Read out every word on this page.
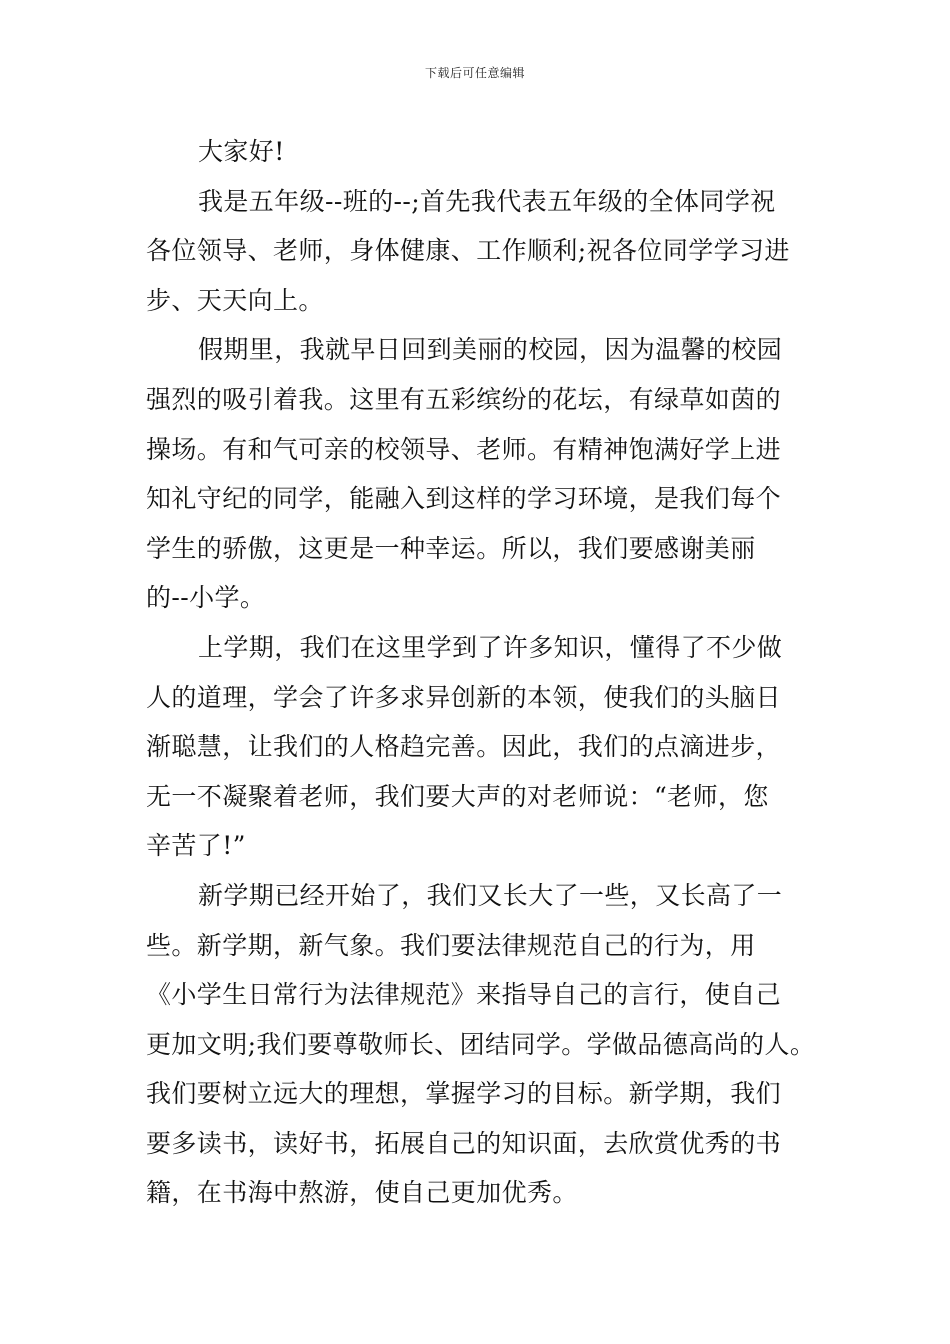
下载后可任意编辑
大家好!
我是五年级--班的--;首先我代表五年级的全体同学祝
各位领导、老师，身体健康、工作顺利;祝各位同学学习进
步、天天向上。
假期里，我就早日回到美丽的校园，因为温馨的校园
强烈的吸引着我。这里有五彩缤纷的花坛，有绿草如茵的
操场。有和气可亲的校领导、老师。有精神饱满好学上进
知礼守纪的同学，能融入到这样的学习环境，是我们每个
学生的骄傲，这更是一种幸运。所以，我们要感谢美丽
的--小学。
上学期，我们在这里学到了许多知识，懂得了不少做
人的道理，学会了许多求异创新的本领，使我们的头脑日
渐聪慧，让我们的人格趋完善。因此，我们的点滴进步，
无一不凝聚着老师，我们要大声的对老师说：“老师，您
辛苦了!”
新学期已经开始了，我们又长大了一些，又长高了一
些。新学期，新气象。我们要法律规范自己的行为，用
《小学生日常行为法律规范》来指导自己的言行，使自己
更加文明;我们要尊敬师长、团结同学。学做品德高尚的人。
我们要树立远大的理想，掌握学习的目标。新学期，我们
要多读书，读好书，拓展自己的知识面，去欣赏优秀的书
籍，在书海中熬游，使自己更加优秀。
